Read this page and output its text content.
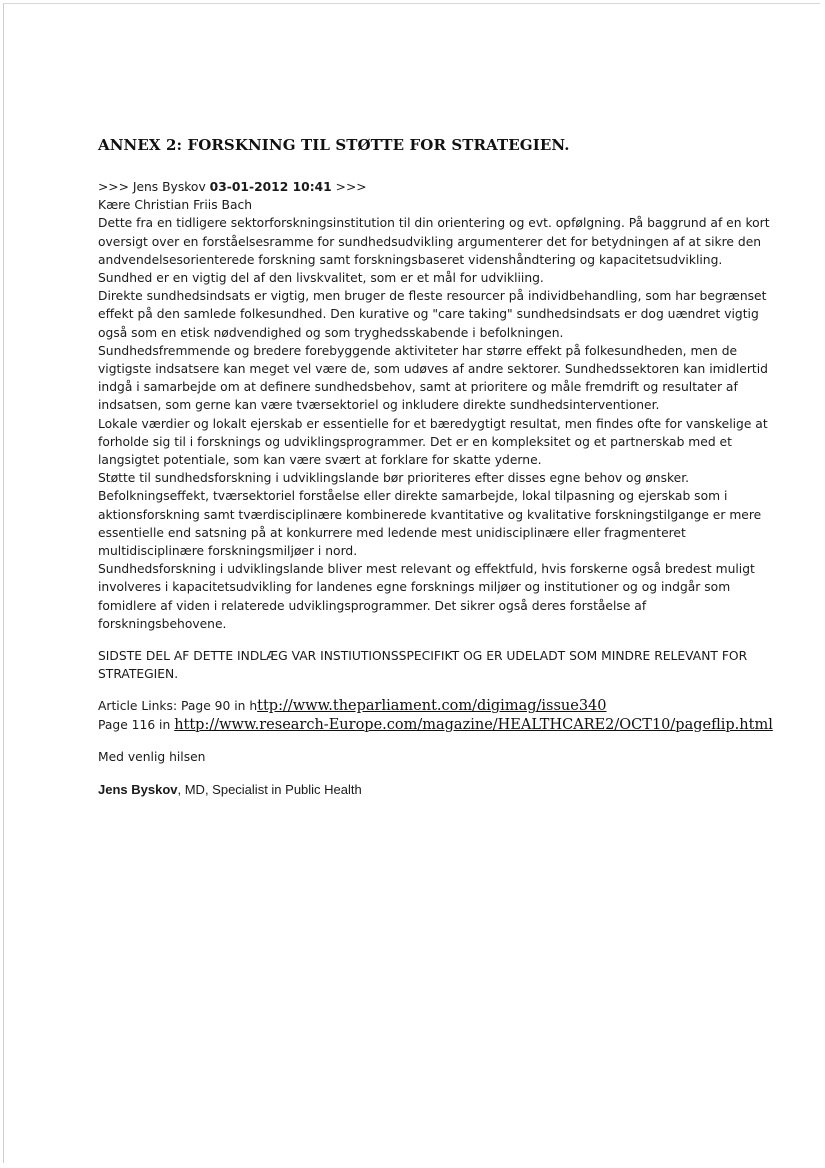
ANNEX 2: FORSKNING TIL STØTTE FOR STRATEGIEN.
>>> Jens Byskov 03-01-2012 10:41 >>>
Kære Christian Friis Bach
Dette fra en tidligere sektorforskningsinstitution til din orientering og evt. opfølgning. På baggrund af en kort
oversigt over en forståelsesramme for sundhedsudvikling argumenterer det for betydningen af at sikre den
andvendelsesorienterede forskning samt forskningsbaseret videnshåndtering og kapacitetsudvikling.
Sundhed er en vigtig del af den livskvalitet, som er et mål for udvikliing.
Direkte sundhedsindsats er vigtig, men bruger de fleste resourcer på individbehandling, som har begrænset
effekt på den samlede folkesundhed. Den kurative og "care taking" sundhedsindsats er dog uændret vigtig
også som en etisk nødvendighed og som tryghedsskabende i befolkningen.
Sundhedsfremmende og bredere forebyggende aktiviteter har større effekt på folkesundheden, men de
vigtigste indsatsere kan meget vel være de, som udøves af andre sektorer. Sundhedssektoren kan imidlertid
indgå i samarbejde om at definere sundhedsbehov, samt at prioritere og måle fremdrift og resultater af
indsatsen, som gerne kan være tværsektoriel og inkludere direkte sundhedsinterventioner.
Lokale værdier og lokalt ejerskab er essentielle for et bæredygtigt resultat, men findes ofte for vanskelige at
forholde sig til i forsknings og udviklingsprogrammer. Det er en kompleksitet og et partnerskab med et
langsigtet potentiale, som kan være svært at forklare for skatte yderne.
Støtte til sundhedsforskning i udviklingslande bør prioriteres efter disses egne behov og ønsker.
Befolkningseffekt, tværsektoriel forståelse eller direkte samarbejde, lokal tilpasning og ejerskab som i
aktionsforskning samt tværdisciplinære kombinerede kvantitative og kvalitative forskningstilgange er mere
essentielle end satsning på at konkurrere med ledende mest unidisciplinære eller fragmenteret
multidisciplinære forskningsmiljøer i nord.
Sundhedsforskning i udviklingslande bliver mest relevant og effektfuld, hvis forskerne også bredest muligt
involveres i kapacitetsudvikling for landenes egne forsknings miljøer og institutioner og og indgår som
fomidlere af viden i relaterede udviklingsprogrammer. Det sikrer også deres forståelse af
forskningsbehovene.
SIDSTE DEL AF DETTE INDLÆG VAR INSTIUTIONSSPECIFIKT OG ER UDELADT SOM MINDRE RELEVANT FOR
STRATEGIEN.
Article Links: Page 90 in http://www.theparliament.com/digimag/issue340
Page 116 in http://www.research-Europe.com/magazine/HEALTHCARE2/OCT10/pageflip.html
Med venlig hilsen
Jens Byskov, MD, Specialist in Public Health
